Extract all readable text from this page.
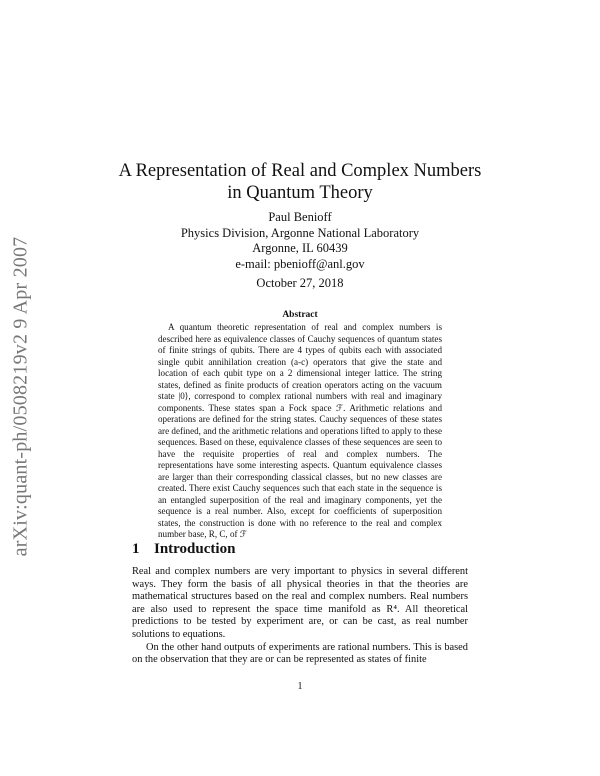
arXiv:quant-ph/0508219v2 9 Apr 2007
A Representation of Real and Complex Numbers
in Quantum Theory
Paul Benioff
Physics Division, Argonne National Laboratory
Argonne, IL 60439
e-mail: pbenioff@anl.gov
October 27, 2018
Abstract
A quantum theoretic representation of real and complex numbers is described here as equivalence classes of Cauchy sequences of quantum states of finite strings of qubits. There are 4 types of qubits each with associated single qubit annihilation creation (a-c) operators that give the state and location of each qubit type on a 2 dimensional integer lattice. The string states, defined as finite products of creation operators acting on the vacuum state |0⟩, correspond to complex rational numbers with real and imaginary components. These states span a Fock space ℱ. Arithmetic relations and operations are defined for the string states. Cauchy sequences of these states are defined, and the arithmetic relations and operations lifted to apply to these sequences. Based on these, equivalence classes of these sequences are seen to have the requisite properties of real and complex numbers. The representations have some interesting aspects. Quantum equivalence classes are larger than their corresponding classical classes, but no new classes are created. There exist Cauchy sequences such that each state in the sequence is an entangled superposition of the real and imaginary components, yet the sequence is a real number. Also, except for coefficients of superposition states, the construction is done with no reference to the real and complex number base, R, C, of ℱ
1 Introduction

Real and complex numbers are very important to physics in several different ways. They form the basis of all physical theories in that the theories are mathematical structures based on the real and complex numbers. Real numbers are also used to represent the space time manifold as R⁴. All theoretical predictions to be tested by experiment are, or can be cast, as real number solutions to equations.

On the other hand outputs of experiments are rational numbers. This is based on the observation that they are or can be represented as states of finite

1
